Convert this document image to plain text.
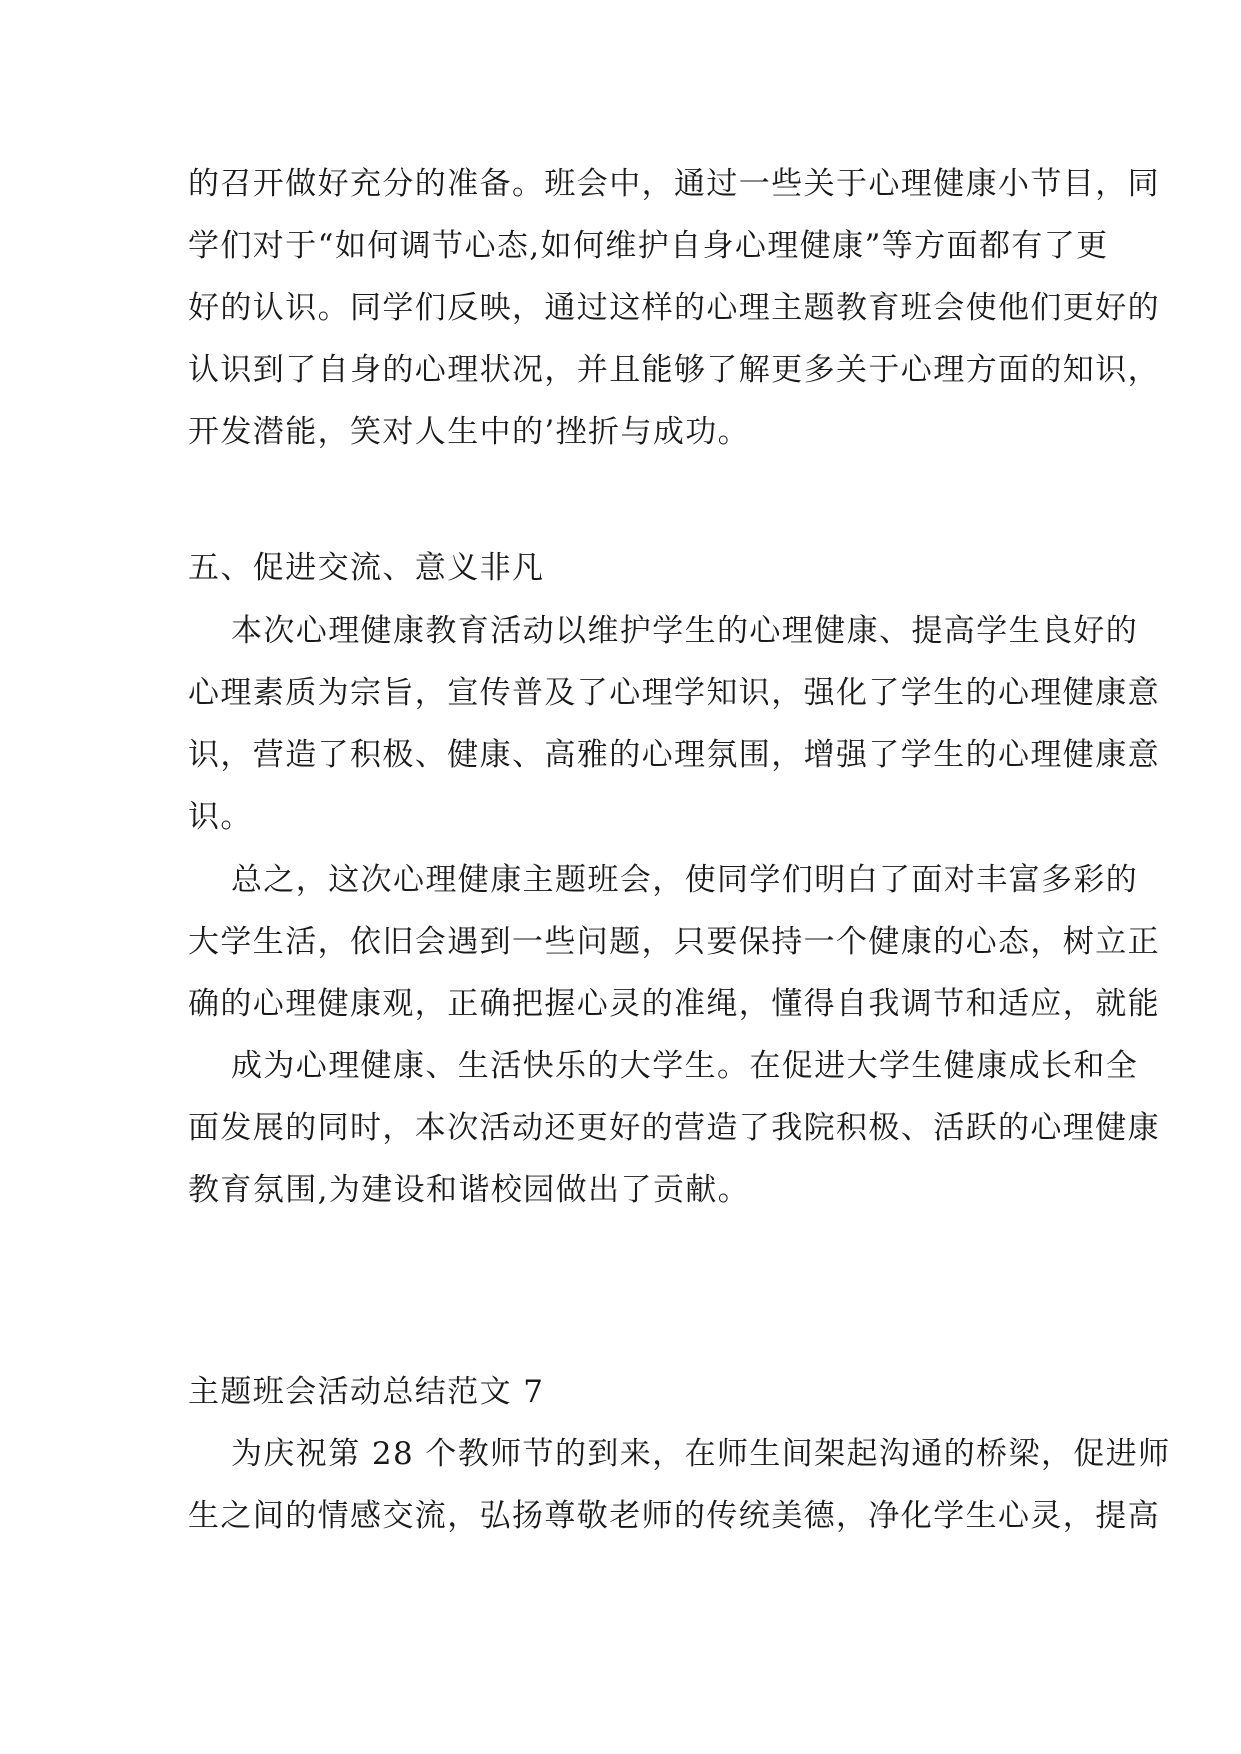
的召开做好充分的准备。班会中，通过一些关于心理健康小节目，同
学们对于“如何调节心态,如何维护自身心理健康”等方面都有了更
好的认识。同学们反映，通过这样的心理主题教育班会使他们更好的
认识到了自身的心理状况，并且能够了解更多关于心理方面的知识，
开发潜能，笑对人生中的’挫折与成功。
五、促进交流、意义非凡
本次心理健康教育活动以维护学生的心理健康、提高学生良好的
心理素质为宗旨，宣传普及了心理学知识，强化了学生的心理健康意
识，营造了积极、健康、高雅的心理氛围，增强了学生的心理健康意
识。
总之，这次心理健康主题班会，使同学们明白了面对丰富多彩的
大学生活，依旧会遇到一些问题，只要保持一个健康的心态，树立正
确的心理健康观，正确把握心灵的准绳，懂得自我调节和适应，就能
成为心理健康、生活快乐的大学生。在促进大学生健康成长和全
面发展的同时，本次活动还更好的营造了我院积极、活跃的心理健康
教育氛围,为建设和谐校园做出了贡献。
主题班会活动总结范文 7
为庆祝第 28 个教师节的到来，在师生间架起沟通的桥梁，促进师
生之间的情感交流，弘扬尊敬老师的传统美德，净化学生心灵，提高
